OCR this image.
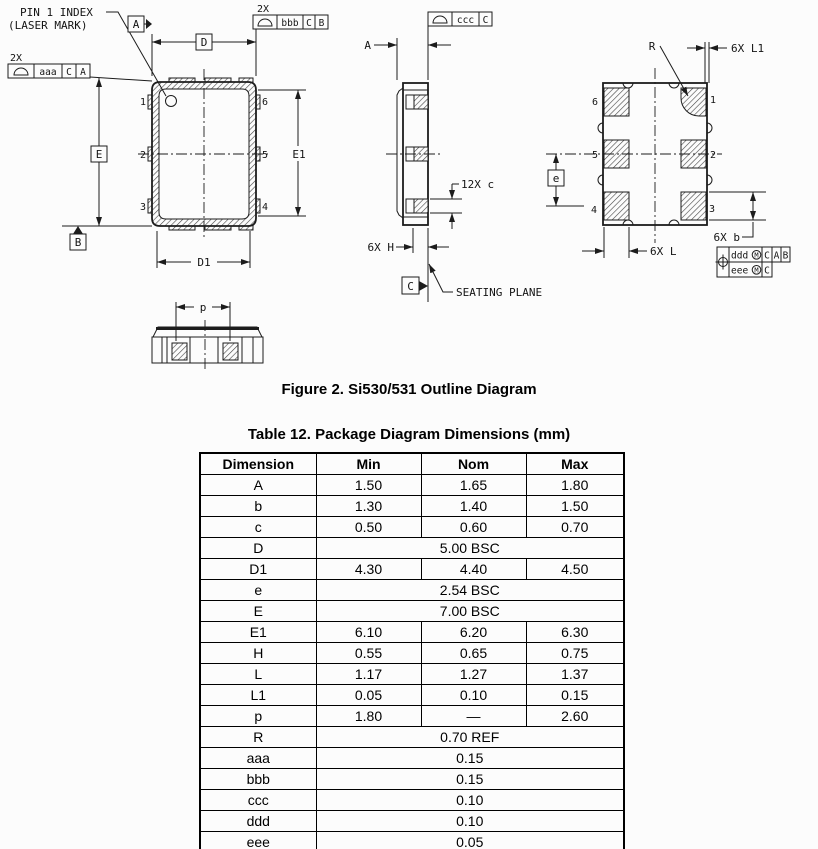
PIN 1 INDEX
(LASER MARK)
1
2
3
6
5
4
D
A
2X
bbb C B
2X
aaa C A
E
B
E1
D1
A
ccc C
12X c
6X H
C	SEATING PLANE
6
5
4
1
2
3
R	6X L1
e
6X L
6X b
ddd M C A B
eee M C
p
Figure 2. Si530/531 Outline Diagram
Table 12. Package Diagram Dimensions (mm)
Dimension	Min	Nom	Max
A	1.50	1.65	1.80
b	1.30	1.40	1.50
c	0.50	0.60	0.70
D	5.00 BSC		
D1	4.30	4.40	4.50
e	2.54 BSC		
E	7.00 BSC		
E1	6.10	6.20	6.30
H	0.55	0.65	0.75
L	1.17	1.27	1.37
L1	0.05	0.10	0.15
p	1.80	—	2.60
R	0.70 REF		
aaa	0.15		
bbb	0.15		
ccc	0.10		
ddd	0.10		
eee	0.05		
